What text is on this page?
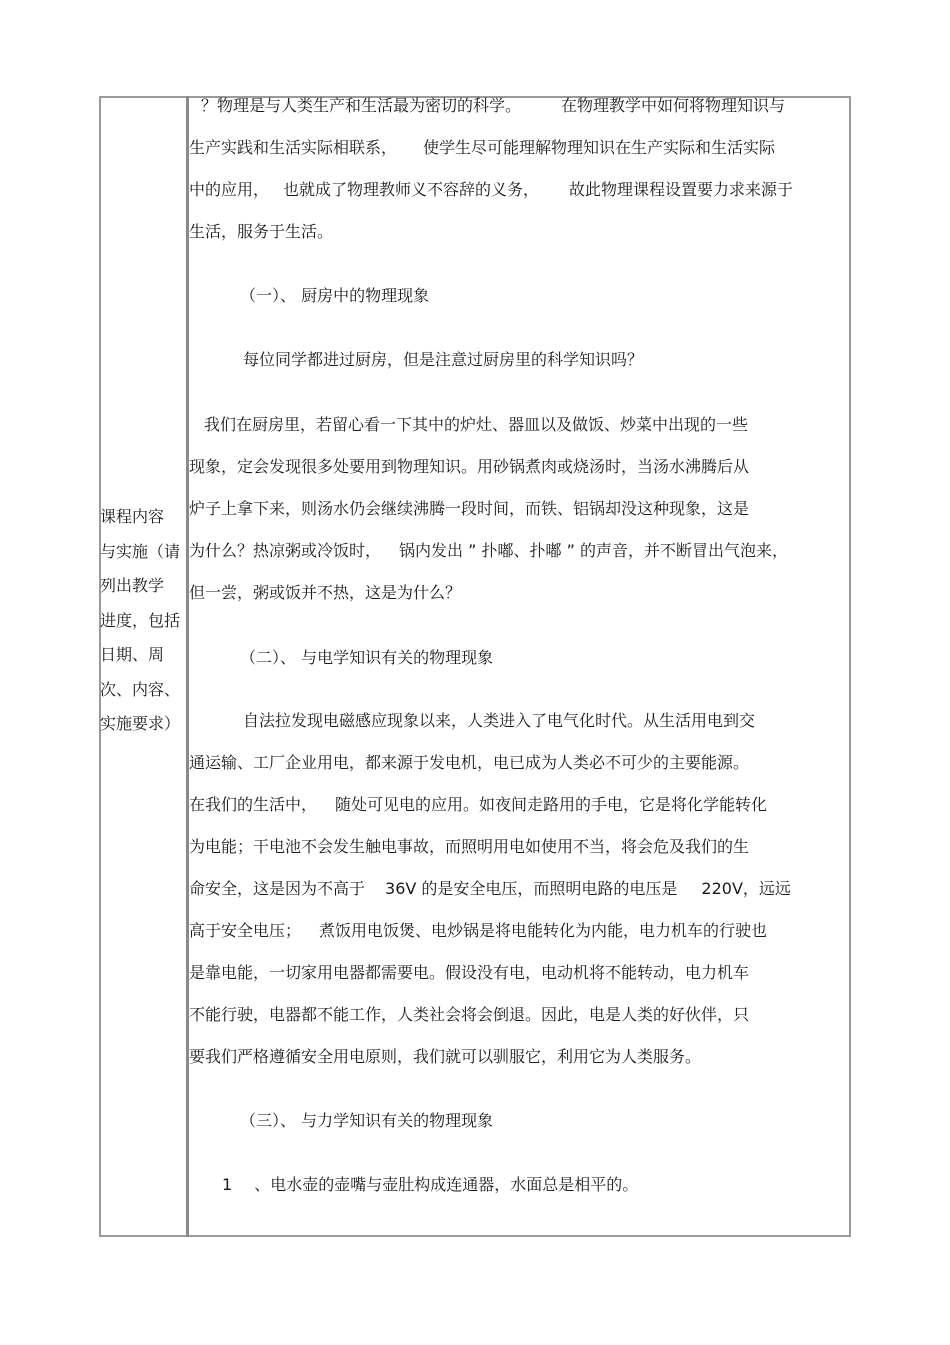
课程内容
与实施（请
列出教学
进度，包括
日期、周
次、内容、
实施要求）
？物理是与人类生产和生活最为密切的科学。	在物理教学中如何将物理知识与
生产实践和生活实际相联系， 使学生尽可能理解物理知识在生产实际和生活实际
中的应用， 也就成了物理教师义不容辞的义务， 故此物理课程设置要力求来源于
生活，服务于生活。
（一）、 厨房中的物理现象
每位同学都进过厨房，但是注意过厨房里的科学知识吗？
我们在厨房里，若留心看一下其中的炉灶、器皿以及做饭、炒菜中出现的一些
现象，定会发现很多处要用到物理知识。用砂锅煮肉或烧汤时，当汤水沸腾后从
炉子上拿下来，则汤水仍会继续沸腾一段时间，而铁、铝锅却没这种现象，这是
为什么？热凉粥或冷饭时， 锅内发出 ” 扑嘟、扑嘟 ” 的声音，并不断冒出气泡来，
但一尝，粥或饭并不热，这是为什么？
（二）、 与电学知识有关的物理现象
自法拉发现电磁感应现象以来，人类进入了电气化时代。从生活用电到交
通运输、工厂企业用电，都来源于发电机，电已成为人类必不可少的主要能源。
在我们的生活中， 随处可见电的应用。如夜间走路用的手电，它是将化学能转化
为电能；干电池不会发生触电事故，而照明用电如使用不当，将会危及我们的生
命安全，这是因为不高于 36V 的是安全电压，而照明电路的电压是 220V，远远
高于安全电压； 煮饭用电饭煲、电炒锅是将电能转化为内能，电力机车的行驶也
是靠电能，一切家用电器都需要电。假设没有电，电动机将不能转动，电力机车
不能行驶，电器都不能工作，人类社会将会倒退。因此，电是人类的好伙伴，只
要我们严格遵循安全用电原则，我们就可以驯服它，利用它为人类服务。
（三）、 与力学知识有关的物理现象
1 、电水壶的壶嘴与壶肚构成连通器，水面总是相平的。
